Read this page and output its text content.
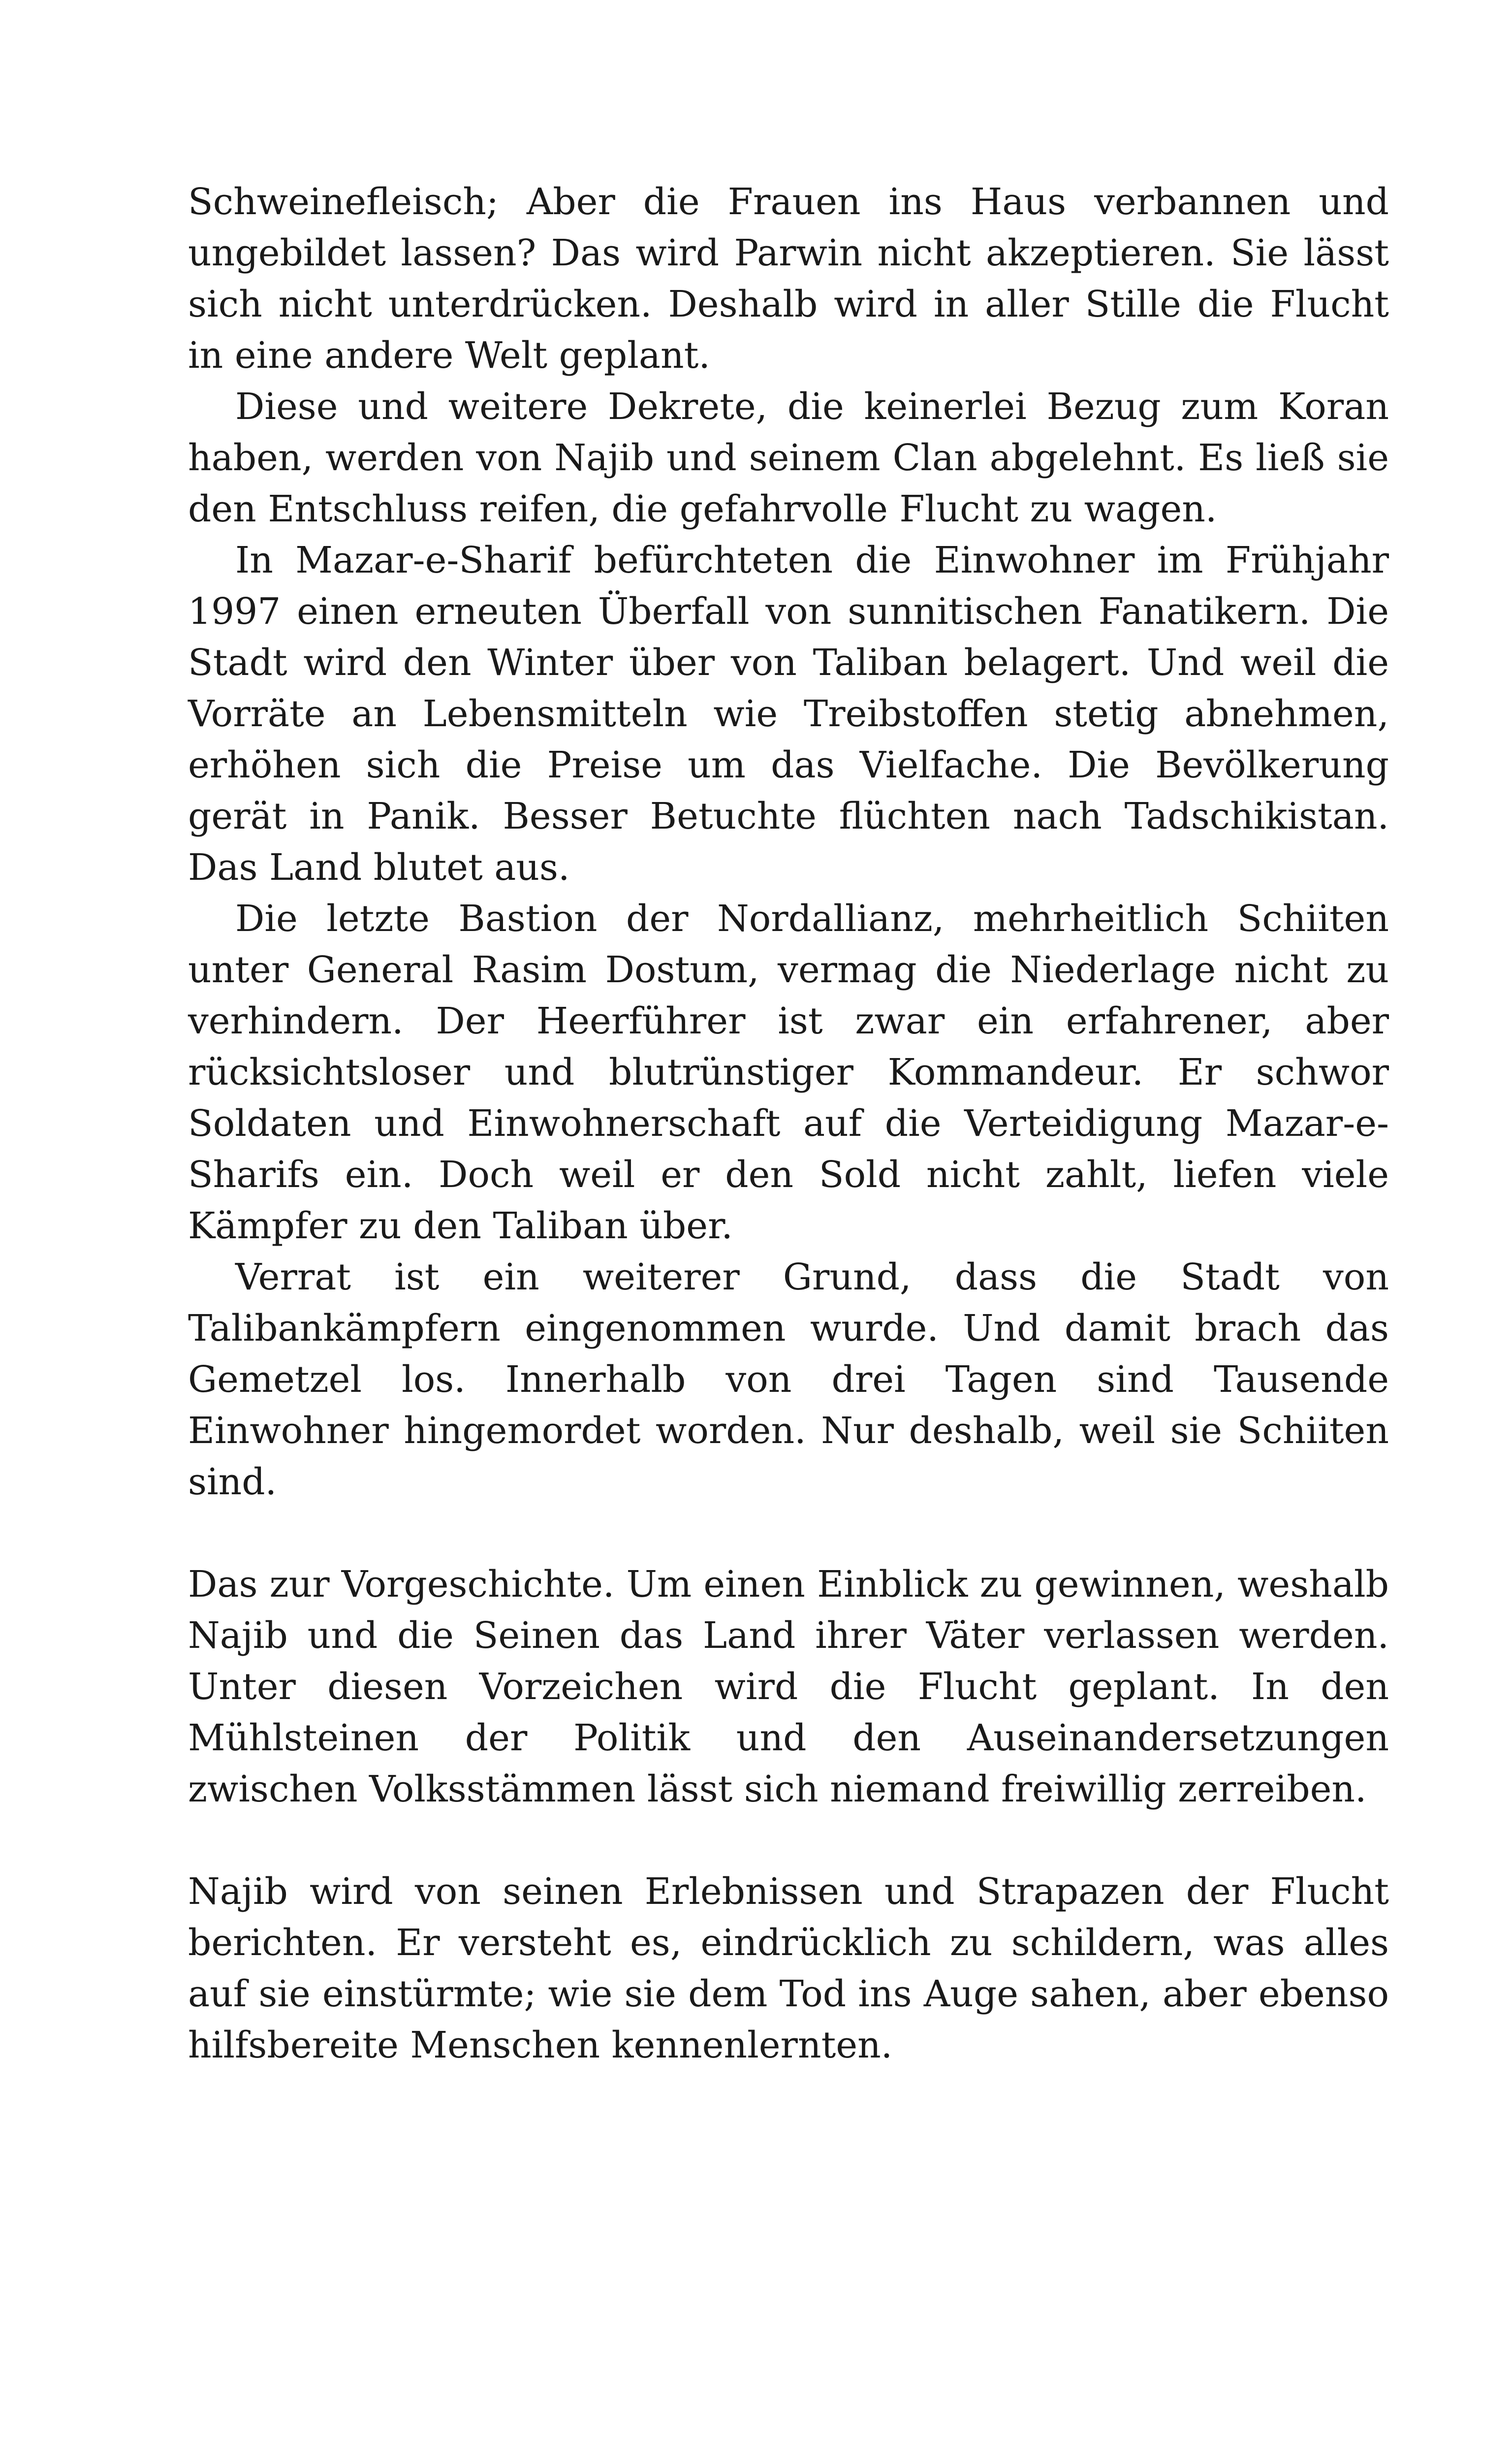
Schweinefleisch; Aber die Frauen ins Haus verbannen und ungebildet lassen? Das wird Parwin nicht akzeptieren. Sie lässt sich nicht unterdrücken. Deshalb wird in aller Stille die Flucht in eine andere Welt geplant.

Diese und weitere Dekrete, die keinerlei Bezug zum Koran haben, werden von Najib und seinem Clan abgelehnt. Es ließ sie den Entschluss reifen, die gefahrvolle Flucht zu wagen.

In Mazar-e-Sharif befürchteten die Einwohner im Frühjahr 1997 einen erneuten Überfall von sunnitischen Fanatikern. Die Stadt wird den Winter über von Taliban belagert. Und weil die Vorräte an Lebensmitteln wie Treibstoffen stetig abnehmen, erhöhen sich die Preise um das Vielfache. Die Bevölkerung gerät in Panik. Besser Betuchte flüchten nach Tadschikistan. Das Land blutet aus.

Die letzte Bastion der Nordallianz, mehrheitlich Schiiten unter General Rasim Dostum, vermag die Niederlage nicht zu verhindern. Der Heerführer ist zwar ein erfahrener, aber rücksichtsloser und blutrünstiger Kommandeur. Er schwor Soldaten und Einwohnerschaft auf die Verteidigung Mazar-e-Sharifs ein. Doch weil er den Sold nicht zahlt, liefen viele Kämpfer zu den Taliban über.

Verrat ist ein weiterer Grund, dass die Stadt von Talibankämpfern eingenommen wurde. Und damit brach das Gemetzel los. Innerhalb von drei Tagen sind Tausende Einwohner hingemordet worden. Nur deshalb, weil sie Schiiten sind.

Das zur Vorgeschichte. Um einen Einblick zu gewinnen, weshalb Najib und die Seinen das Land ihrer Väter verlassen werden. Unter diesen Vorzeichen wird die Flucht geplant. In den Mühlsteinen der Politik und den Auseinandersetzungen zwischen Volksstämmen lässt sich niemand freiwillig zerreiben.

Najib wird von seinen Erlebnissen und Strapazen der Flucht berichten. Er versteht es, eindrücklich zu schildern, was alles auf sie einstürmte; wie sie dem Tod ins Auge sahen, aber ebenso hilfsbereite Menschen kennenlernten.
